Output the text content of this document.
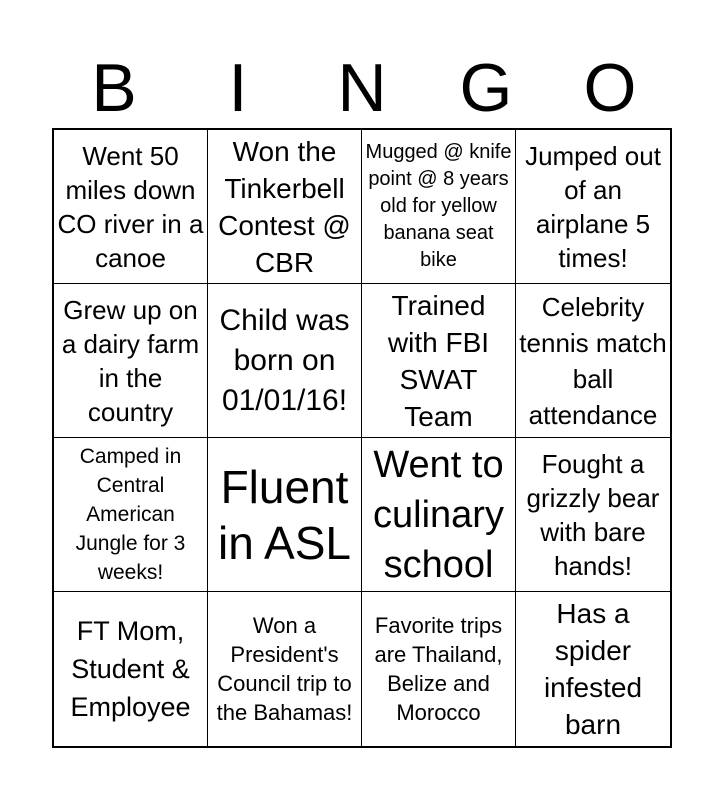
B	I	N	G	O
Went 50 miles down CO river in a canoe
Won the Tinkerbell Contest @ CBR
Mugged @ knife point @ 8 years old for yellow banana seat bike
Jumped out of an airplane 5 times!
Grew up on a dairy farm in the country
Child was born on 01/01/16!
Trained with FBI SWAT Team
Celebrity tennis match ball attendance
Camped in Central American Jungle for 3 weeks!
Fluent in ASL
Went to culinary school
Fought a grizzly bear with bare hands!
FT Mom, Student & Employee
Won a President's Council trip to the Bahamas!
Favorite trips are Thailand, Belize and Morocco
Has a spider infested barn
